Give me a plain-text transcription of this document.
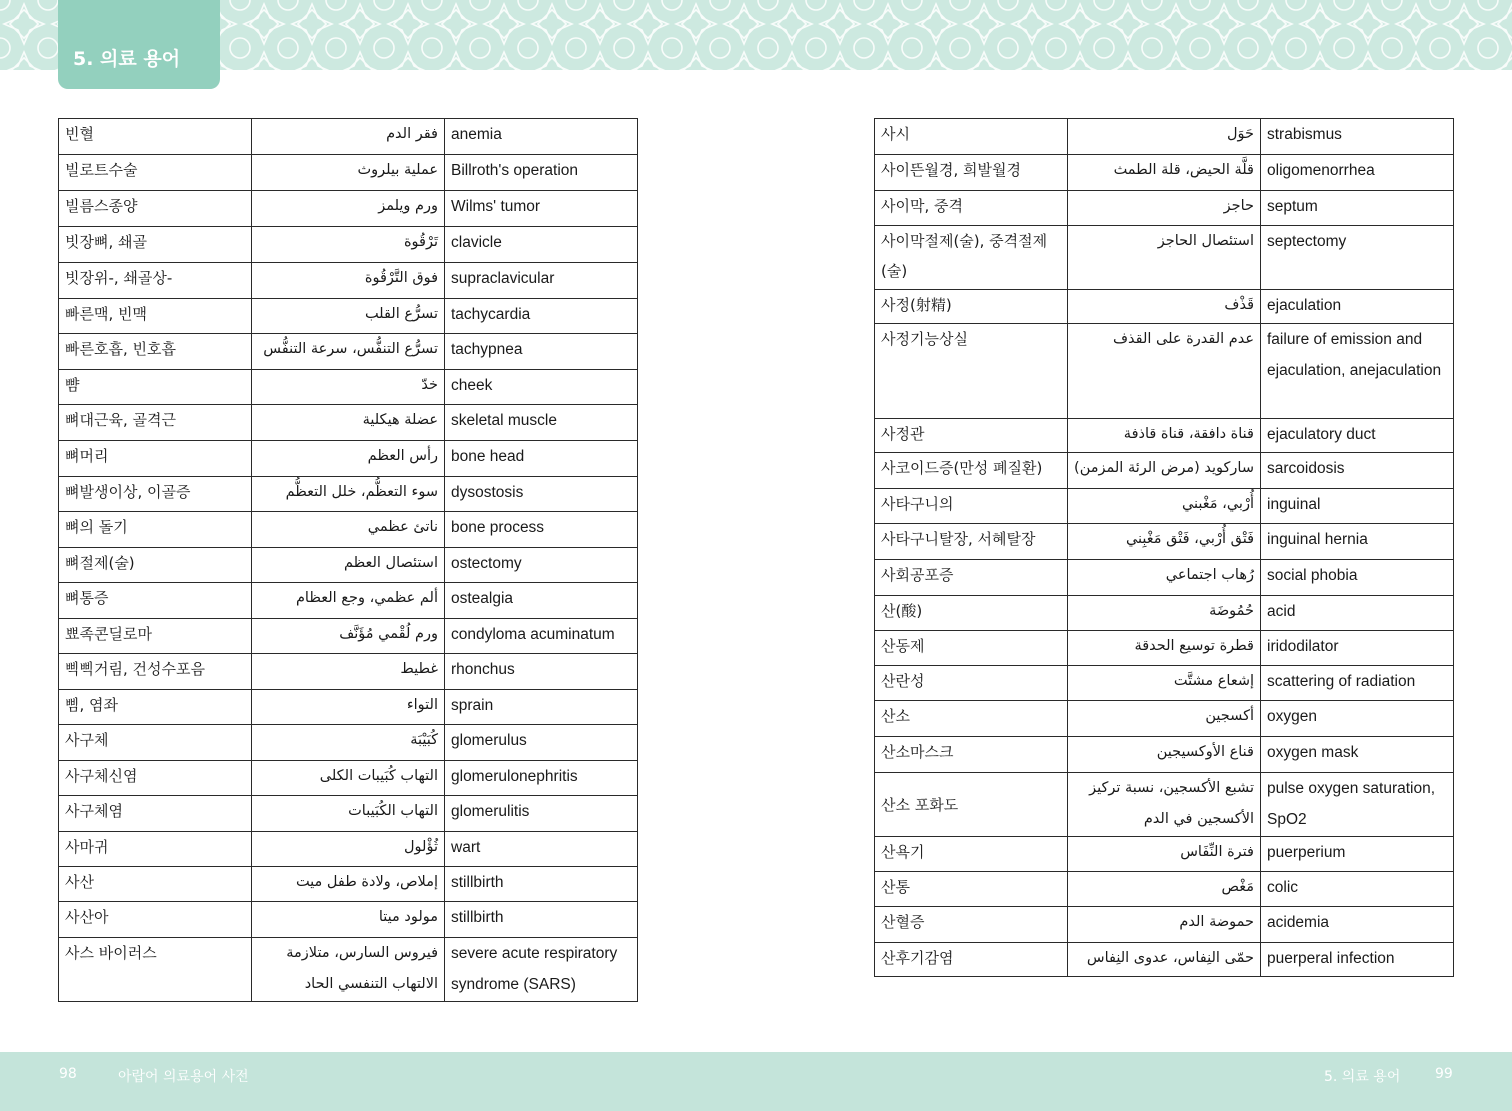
5. 의료 용어
빈혈	فقر الدم	anemia
빌로트수술	عملية بيلروث	Billroth's operation
빌름스종양	ورم ويلمز	Wilms' tumor
빗장뼈, 쇄골	تَرْقُوة	clavicle
빗장위-, 쇄골상-	فوق التَّرْقُوة	supraclavicular
빠른맥, 빈맥	تسرُّع القلب	tachycardia
빠른호흡, 빈호흡	تسرُّع التنفُّس، سرعة التنفُّس	tachypnea
뺨	خدّ	cheek
뼈대근육, 골격근	عضلة هيكلية	skeletal muscle
뼈머리	رأس العظم	bone head
뼈발생이상, 이골증	سوء التعظُّم، خلل التعظُّم	dysostosis
뼈의 돌기	ناتئ عظمي	bone process
뼈절제(술)	استئصال العظم	ostectomy
뼈통증	ألم عظمي، وجع العظام	ostealgia
뾰족콘딜로마	ورم لُقْمي مُؤَنَّف	condyloma acuminatum
삑삑거림, 건성수포음	غطيط	rhonchus
삠, 염좌	التواء	sprain
사구체	كُبَيْبَة	glomerulus
사구체신염	التهاب كُبَيبات الكلى	glomerulonephritis
사구체염	التهاب الكُبَيبات	glomerulitis
사마귀	ثُؤْلول	wart
사산	إملاص، ولادة طفل ميت	stillbirth
사산아	مولود ميتا	stillbirth
사스 바이러스	فيروس السارس، متلازمة الالتهاب التنفسي الحاد	severe acute respiratory syndrome (SARS)
사시	حَوَل	strabismus
사이뜬월경, 희발월경	قلَّة الحيض، قلة الطمث	oligomenorrhea
사이막, 중격	حاجز	septum
사이막절제(술), 중격절제(술)	استئصال الحاجز	septectomy
사정(射精)	قَذْف	ejaculation
사정기능상실	عدم القدرة على القذف	failure of emission and ejaculation, anejaculation
사정관	قناة دافقة، قناة قاذفة	ejaculatory duct
사코이드증(만성 폐질환)	ساركويد (مرض الرئة المزمن)	sarcoidosis
사타구니의	أُرْبي، مَغْبني	inguinal
사타구니탈장, 서혜탈장	فَتْق أُرْبي، فَتْق مَغْبِني	inguinal hernia
사회공포증	رُهاب اجتماعي	social phobia
산(酸)	حُمُوضَة	acid
산동제	قطرة توسيع الحدقة	iridodilator
산란성	إشعاع مشتَّت	scattering of radiation
산소	أكسجين	oxygen
산소마스크	قناع الأوكسيجين	oxygen mask
산소 포화도	تشبع الأكسجين، نسبة تركيز الأكسجين في الدم	pulse oxygen saturation, SpO2
산욕기	فترة النِّفَاس	puerperium
산통	مَغْص	colic
산혈증	حموضة الدم	acidemia
산후기감염	حمّى النِفاس، عدوى النِفاس	puerperal infection
98	아랍어 의료용어 사전	5. 의료 용어 99
